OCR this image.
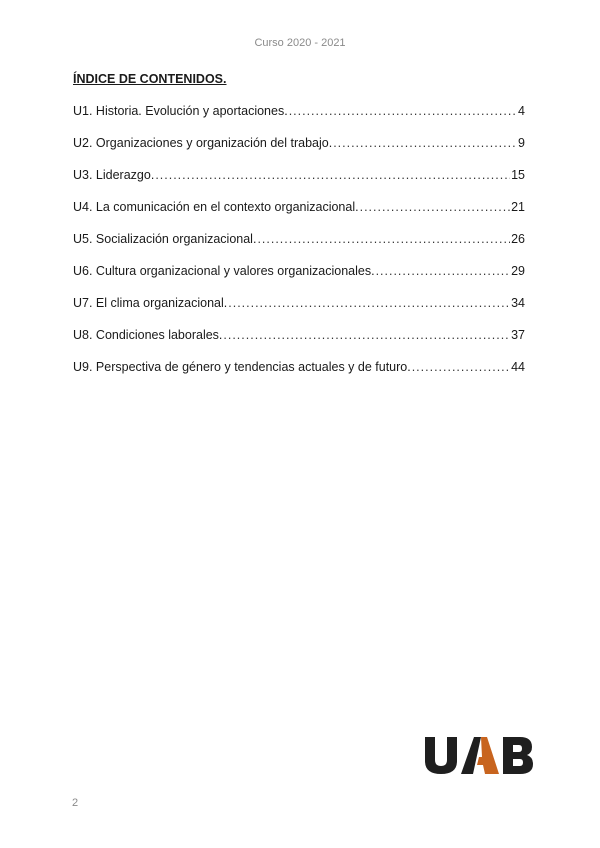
Curso 2020 - 2021
ÍNDICE DE CONTENIDOS.
U1. Historia. Evolución y aportaciones. .....	4
U2. Organizaciones y organización del trabajo. .....	9
U3. Liderazgo. .....	15
U4. La comunicación en el contexto organizacional. .....	21
U5. Socialización organizacional. .....	26
U6. Cultura organizacional y valores organizacionales. .....	29
U7. El clima organizacional. .....	34
U8. Condiciones laborales. .....	37
U9. Perspectiva de género y tendencias actuales y de futuro. .....	44
2
